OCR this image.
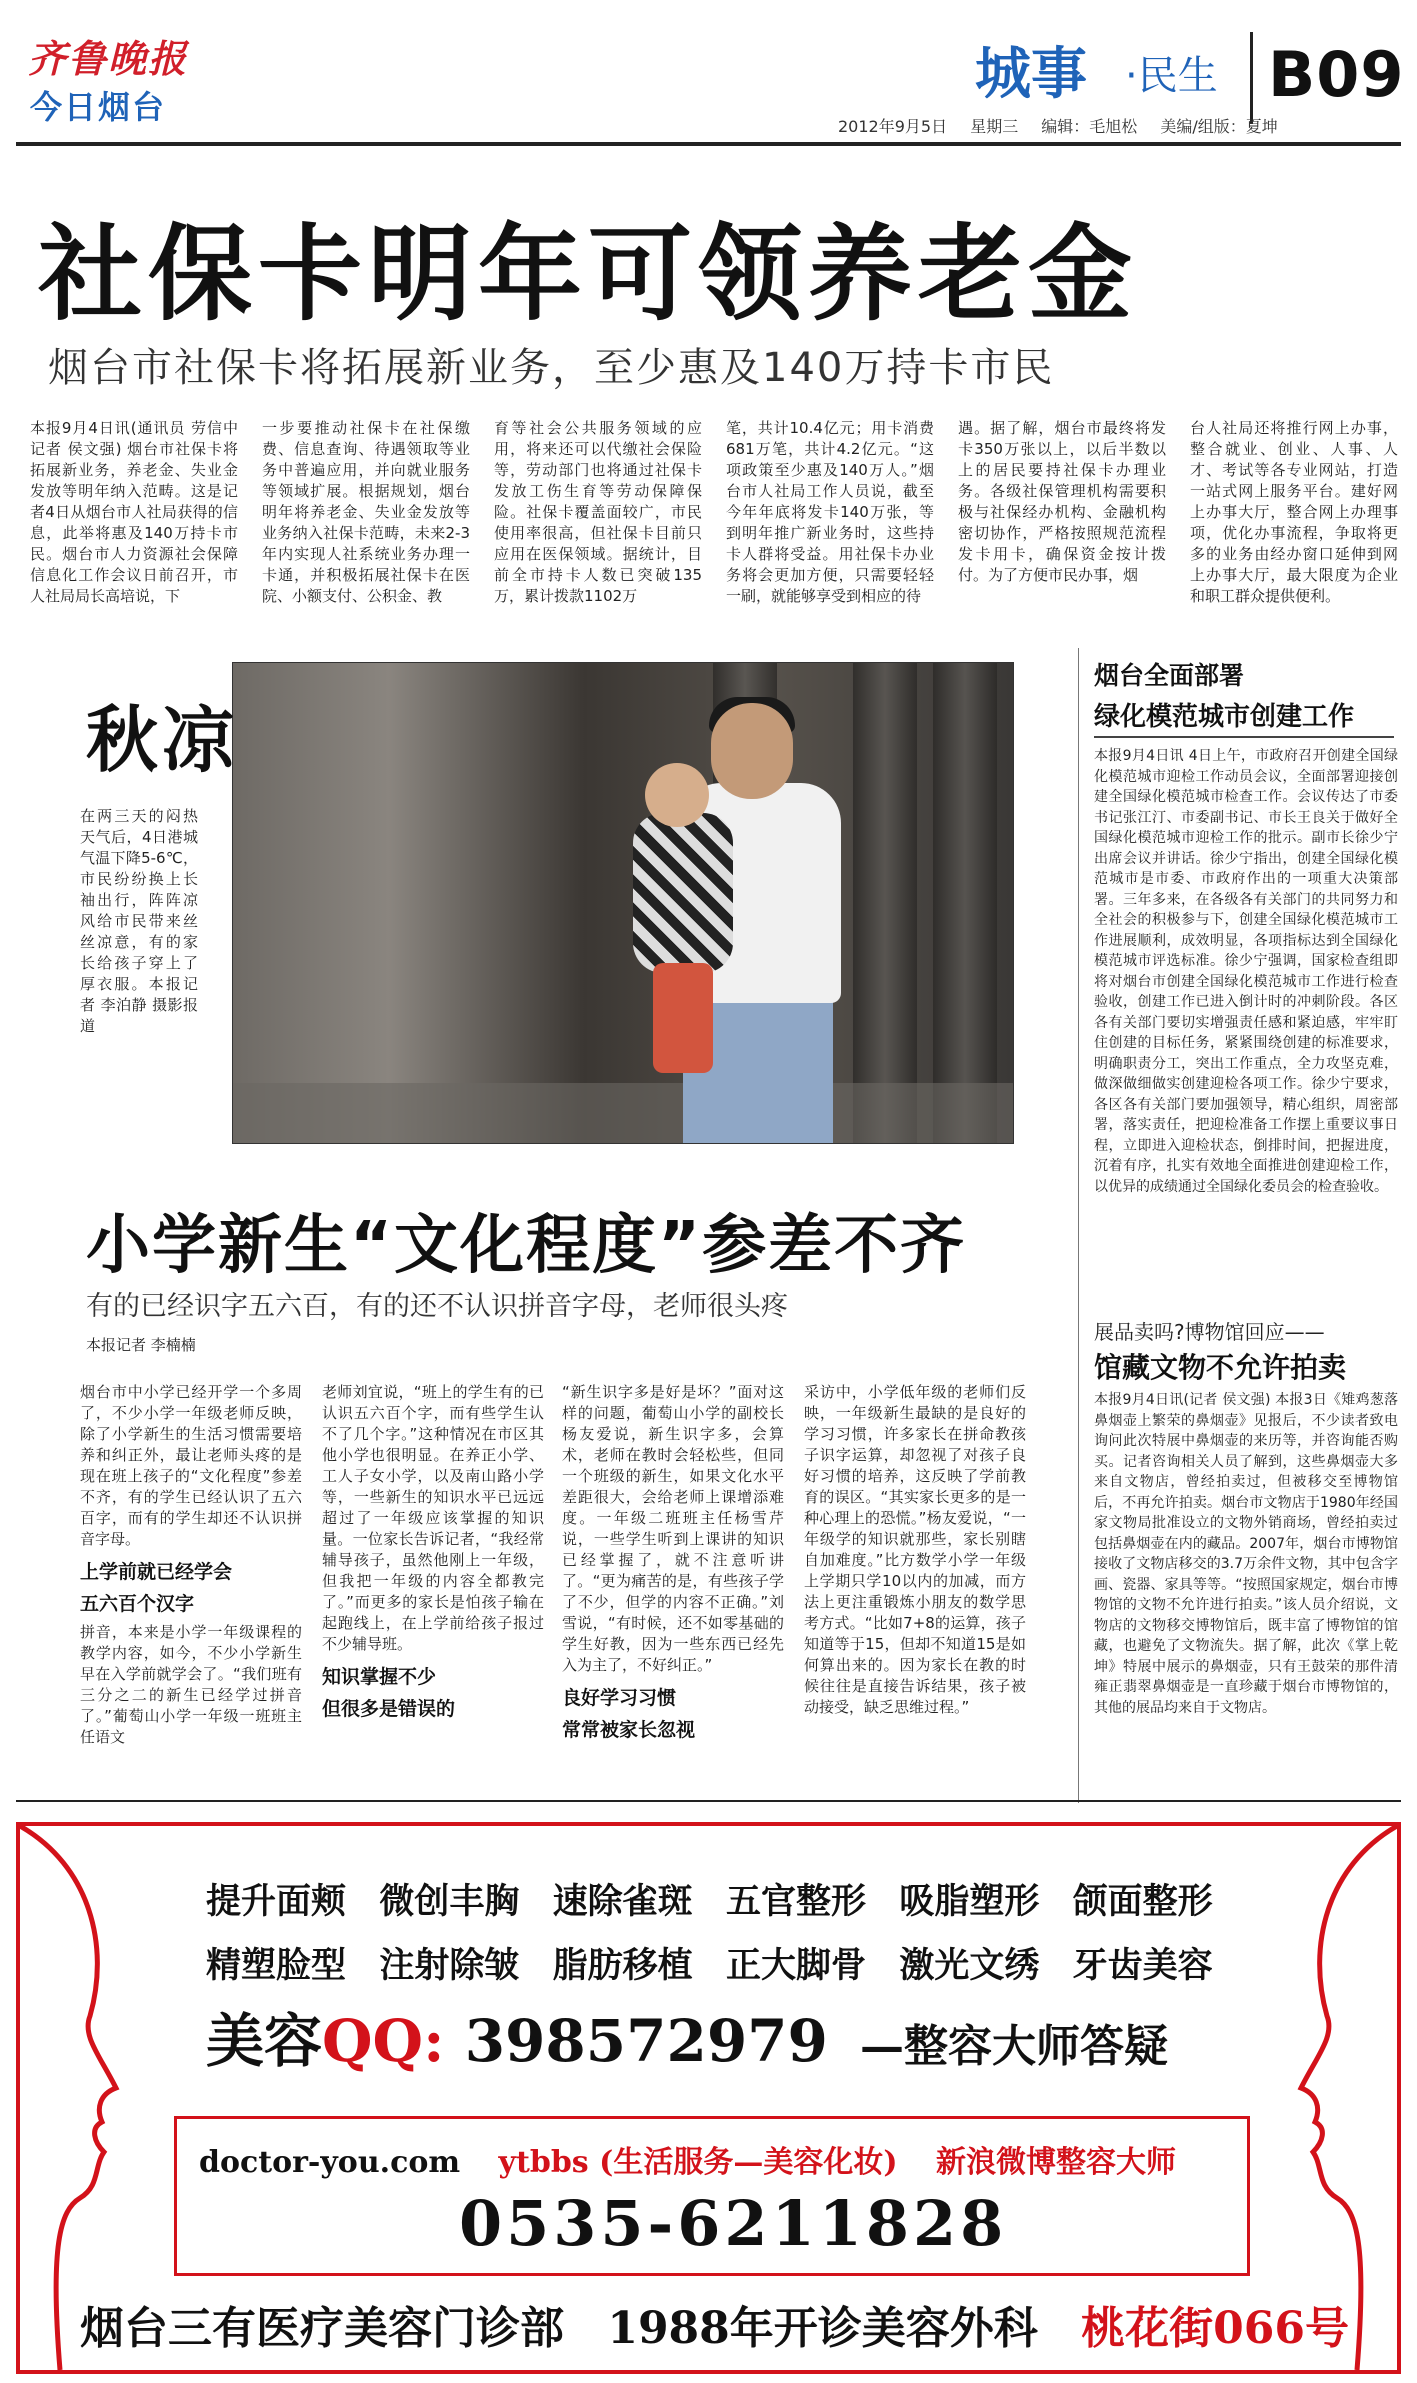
齐鲁晚报
今日烟台	城事 ·民生 B09
2012年9月5日 星期三 编辑：毛旭松 美编/组版：夏坤
社保卡明年可领养老金
烟台市社保卡将拓展新业务，至少惠及140万持卡市民
本报9月4日讯(通讯员 劳信中 记者 侯文强) 烟台市社保卡将拓展新业务，养老金、失业金发放等明年纳入范畴。这是记者4日从烟台市人社局获得的信息，此举将惠及140万持卡市民。烟台市人力资源社会保障信息化工作会议日前召开，市人社局局长高培说，下
一步要推动社保卡在社保缴费、信息查询、待遇领取等业务中普遍应用，并向就业服务等领域扩展。根据规划，烟台明年将养老金、失业金发放等业务纳入社保卡范畴，未来2-3年内实现人社系统业务办理一卡通，并积极拓展社保卡在医院、小额支付、公积金、教
育等社会公共服务领域的应用，将来还可以代缴社会保险等，劳动部门也将通过社保卡发放工伤生育等劳动保障保险。社保卡覆盖面较广，市民使用率很高，但社保卡目前只应用在医保领域。据统计，目前全市持卡人数已突破135万，累计拨款1102万
笔，共计10.4亿元；用卡消费681万笔，共计4.2亿元。“这项政策至少惠及140万人。”烟台市人社局工作人员说，截至今年年底将发卡140万张，等到明年推广新业务时，这些持卡人群将受益。用社保卡办业务将会更加方便，只需要轻轻一刷，就能够享受到相应的待
遇。据了解，烟台市最终将发卡350万张以上，以后半数以上的居民要持社保卡办理业务。各级社保管理机构需要积极与社保经办机构、金融机构密切协作，严格按照规范流程发卡用卡，确保资金按计拨付。为了方便市民办事，烟
台人社局还将推行网上办事，整合就业、创业、人事、人才、考试等各专业网站，打造一站式网上服务平台。建好网上办事大厅，整合网上办理事项，优化办事流程，争取将更多的业务由经办窗口延伸到网上办事大厅，最大限度为企业和职工群众提供便利。
秋凉
在两三天的闷热天气后，4日港城气温下降5-6℃，市民纷纷换上长袖出行，阵阵凉风给市民带来丝丝凉意，有的家长给孩子穿上了厚衣服。本报记者 李泊静 摄影报道
小学新生“文化程度”参差不齐
有的已经识字五六百，有的还不认识拼音字母，老师很头疼
本报记者 李楠楠
烟台市中小学已经开学一个多周了，不少小学一年级老师反映，除了小学新生的生活习惯需要培养和纠正外，最让老师头疼的是现在班上孩子的“文化程度”参差不齐，有的学生已经认识了五六百字，而有的学生却还不认识拼音字母。
上学前就已经学会
五六百个汉字
拼音，本来是小学一年级课程的教学内容，如今，不少小学新生早在入学前就学会了。“我们班有三分之二的新生已经学过拼音了。”葡萄山小学一年级一班班主任语文
老师刘宜说，“班上的学生有的已认识五六百个字，而有些学生认不了几个字。”这种情况在市区其他小学也很明显。在养正小学、工人子女小学，以及南山路小学等，一些新生的知识水平已远远超过了一年级应该掌握的知识量。一位家长告诉记者，“我经常辅导孩子，虽然他刚上一年级，但我把一年级的内容全都教完了。”而更多的家长是怕孩子输在起跑线上，在上学前给孩子报过不少辅导班。
知识掌握不少
但很多是错误的
“新生识字多是好是坏？”面对这样的问题，葡萄山小学的副校长杨友爱说，新生识字多，会算术，老师在教时会轻松些，但同一个班级的新生，如果文化水平差距很大，会给老师上课增添难度。一年级二班班主任杨雪芹说，一些学生听到上课讲的知识已经掌握了，就不注意听讲了。“更为痛苦的是，有些孩子学了不少，但学的内容不正确。”刘雪说，“有时候，还不如零基础的学生好教，因为一些东西已经先入为主了，不好纠正。”
良好学习习惯
常常被家长忽视
采访中，小学低年级的老师们反映，一年级新生最缺的是良好的学习习惯，许多家长在拼命教孩子识字运算，却忽视了对孩子良好习惯的培养，这反映了学前教育的误区。“其实家长更多的是一种心理上的恐慌。”杨友爱说，“一年级学的知识就那些，家长别瞎自加难度。”比方数学小学一年级上学期只学10以内的加减，而方法上更注重锻炼小朋友的数学思考方式。“比如7+8的运算，孩子知道等于15，但却不知道15是如何算出来的。因为家长在教的时候往往是直接告诉结果，孩子被动接受，缺乏思维过程。”
烟台全面部署
绿化模范城市创建工作
本报9月4日讯 4日上午，市政府召开创建全国绿化模范城市迎检工作动员会议，全面部署迎接创建全国绿化模范城市检查工作。会议传达了市委书记张江汀、市委副书记、市长王良关于做好全国绿化模范城市迎检工作的批示。副市长徐少宁出席会议并讲话。徐少宁指出，创建全国绿化模范城市是市委、市政府作出的一项重大决策部署。三年多来，在各级各有关部门的共同努力和全社会的积极参与下，创建全国绿化模范城市工作进展顺利，成效明显，各项指标达到全国绿化模范城市评选标准。徐少宁强调，国家检查组即将对烟台市创建全国绿化模范城市工作进行检查验收，创建工作已进入倒计时的冲刺阶段。各区各有关部门要切实增强责任感和紧迫感，牢牢盯住创建的目标任务，紧紧围绕创建的标准要求，明确职责分工，突出工作重点，全力攻坚克难，做深做细做实创建迎检各项工作。徐少宁要求，各区各有关部门要加强领导，精心组织，周密部署，落实责任，把迎检准备工作摆上重要议事日程，立即进入迎检状态，倒排时间，把握进度，沉着有序，扎实有效地全面推进创建迎检工作，以优异的成绩通过全国绿化委员会的检查验收。
展品卖吗?博物馆回应——
馆藏文物不允许拍卖
本报9月4日讯(记者 侯文强) 本报3日《雉鸡葱落鼻烟壶上繁荣的鼻烟壶》见报后，不少读者致电询问此次特展中鼻烟壶的来历等，并咨询能否购买。记者咨询相关人员了解到，这些鼻烟壶大多来自文物店，曾经拍卖过，但被移交至博物馆后，不再允许拍卖。烟台市文物店于1980年经国家文物局批准设立的文物外销商场，曾经拍卖过包括鼻烟壶在内的藏品。2007年，烟台市博物馆接收了文物店移交的3.7万余件文物，其中包含字画、瓷器、家具等等。“按照国家规定，烟台市博物馆的文物不允许进行拍卖。”该人员介绍说，文物店的文物移交博物馆后，既丰富了博物馆的馆藏，也避免了文物流失。据了解，此次《掌上乾坤》特展中展示的鼻烟壶，只有王鼓荣的那件清雍正翡翠鼻烟壶是一直珍藏于烟台市博物馆的，其他的展品均来自于文物店。
提升面颊 微创丰胸 速除雀斑 五官整形 吸脂塑形 颌面整形
精塑脸型 注射除皱 脂肪移植 正大脚骨 激光文绣 牙齿美容
美容QQ: 398572979 —整容大师答疑
doctor-you.com ytbbs (生活服务—美容化妆) 新浪微博整容大师
0535-6211828
烟台三有医疗美容门诊部 1988年开诊美容外科 桃花街066号
